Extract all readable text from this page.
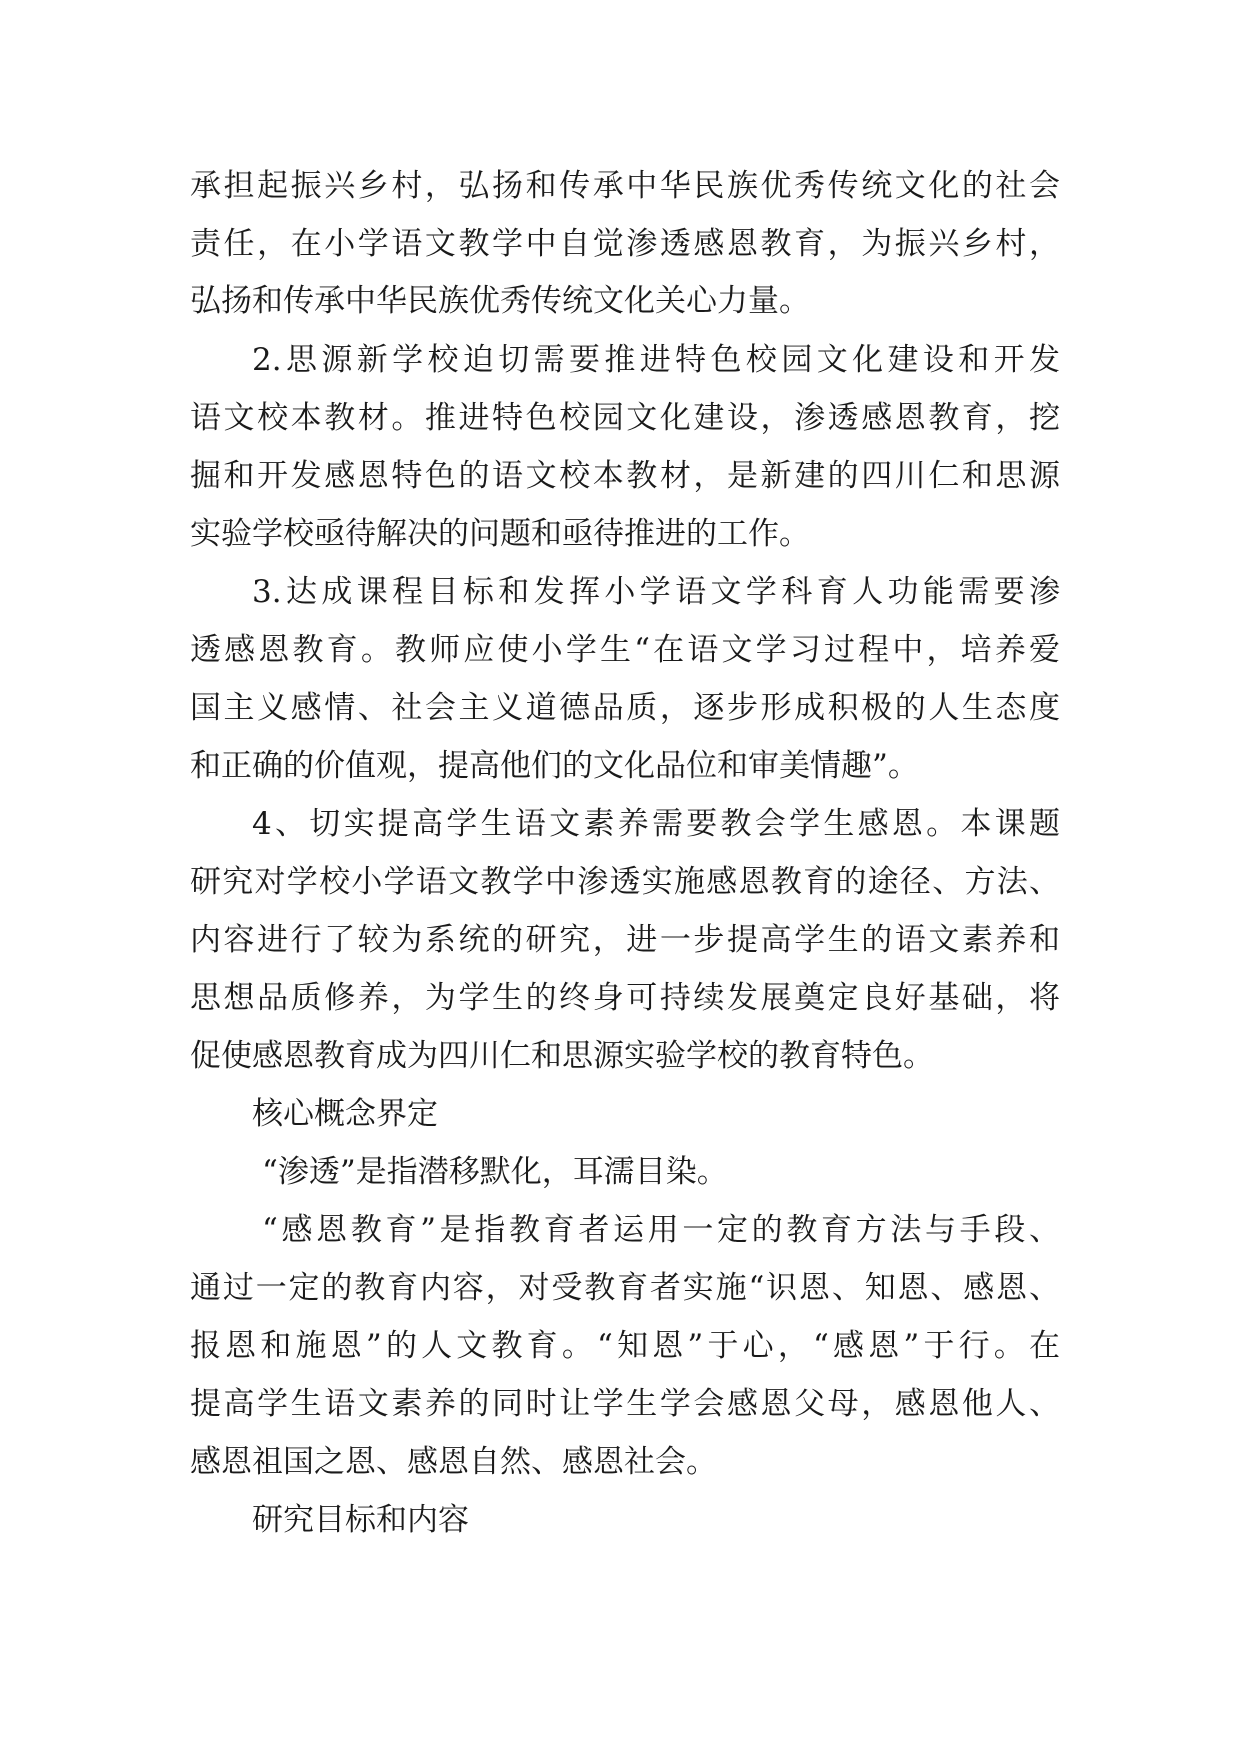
承担起振兴乡村，弘扬和传承中华民族优秀传统文化的社会
责任，在小学语文教学中自觉渗透感恩教育，为振兴乡村，
弘扬和传承中华民族优秀传统文化关心力量。
2.思源新学校迫切需要推进特色校园文化建设和开发
语文校本教材。推进特色校园文化建设，渗透感恩教育，挖
掘和开发感恩特色的语文校本教材，是新建的四川仁和思源
实验学校亟待解决的问题和亟待推进的工作。
3.达成课程目标和发挥小学语文学科育人功能需要渗
透感恩教育。教师应使小学生“在语文学习过程中，培养爱
国主义感情、社会主义道德品质，逐步形成积极的人生态度
和正确的价值观，提高他们的文化品位和审美情趣”。
4、切实提高学生语文素养需要教会学生感恩。本课题
研究对学校小学语文教学中渗透实施感恩教育的途径、方法、
内容进行了较为系统的研究，进一步提高学生的语文素养和
思想品质修养，为学生的终身可持续发展奠定良好基础，将
促使感恩教育成为四川仁和思源实验学校的教育特色。
核心概念界定
“渗透”是指潜移默化，耳濡目染。
“感恩教育”是指教育者运用一定的教育方法与手段、
通过一定的教育内容，对受教育者实施“识恩、知恩、感恩、
报恩和施恩”的人文教育。“知恩”于心，“感恩”于行。在
提高学生语文素养的同时让学生学会感恩父母，感恩他人、
感恩祖国之恩、感恩自然、感恩社会。
研究目标和内容
